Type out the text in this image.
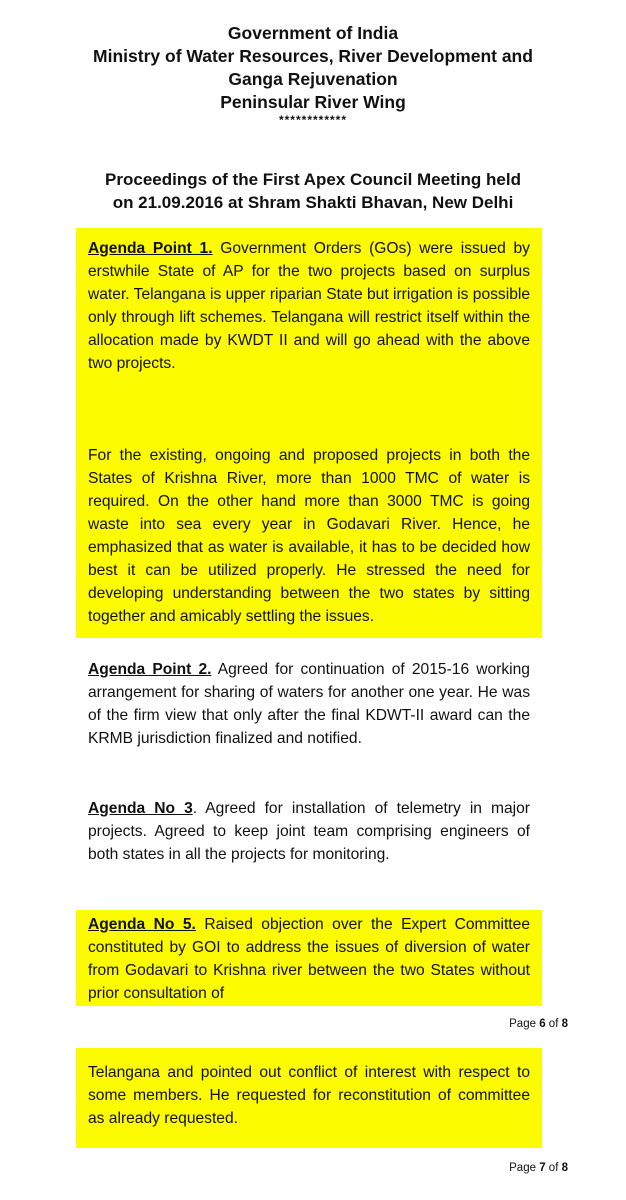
Government of India
Ministry of Water Resources, River Development and
Ganga Rejuvenation
Peninsular River Wing
************
Proceedings of the First Apex Council Meeting held
on 21.09.2016 at Shram Shakti Bhavan, New Delhi
Agenda Point 1. Government Orders (GOs) were issued by erstwhile State of AP for the two projects based on surplus water. Telangana is upper riparian State but irrigation is possible only through lift schemes. Telangana will restrict itself within the allocation made by KWDT II and will go ahead with the above two projects.
For the existing, ongoing and proposed projects in both the States of Krishna River, more than 1000 TMC of water is required. On the other hand more than 3000 TMC is going waste into sea every year in Godavari River. Hence, he emphasized that as water is available, it has to be decided how best it can be utilized properly. He stressed the need for developing understanding between the two states by sitting together and amicably settling the issues.
Agenda Point 2. Agreed for continuation of 2015-16 working arrangement for sharing of waters for another one year. He was of the firm view that only after the final KDWT-II award can the KRMB jurisdiction finalized and notified.
Agenda No 3. Agreed for installation of telemetry in major projects. Agreed to keep joint team comprising engineers of both states in all the projects for monitoring.
Agenda No 5. Raised objection over the Expert Committee constituted by GOI to address the issues of diversion of water from Godavari to Krishna river between the two States without prior consultation of
Page 6 of 8
Telangana and pointed out conflict of interest with respect to some members. He requested for reconstitution of committee as already requested.
Page 7 of 8
